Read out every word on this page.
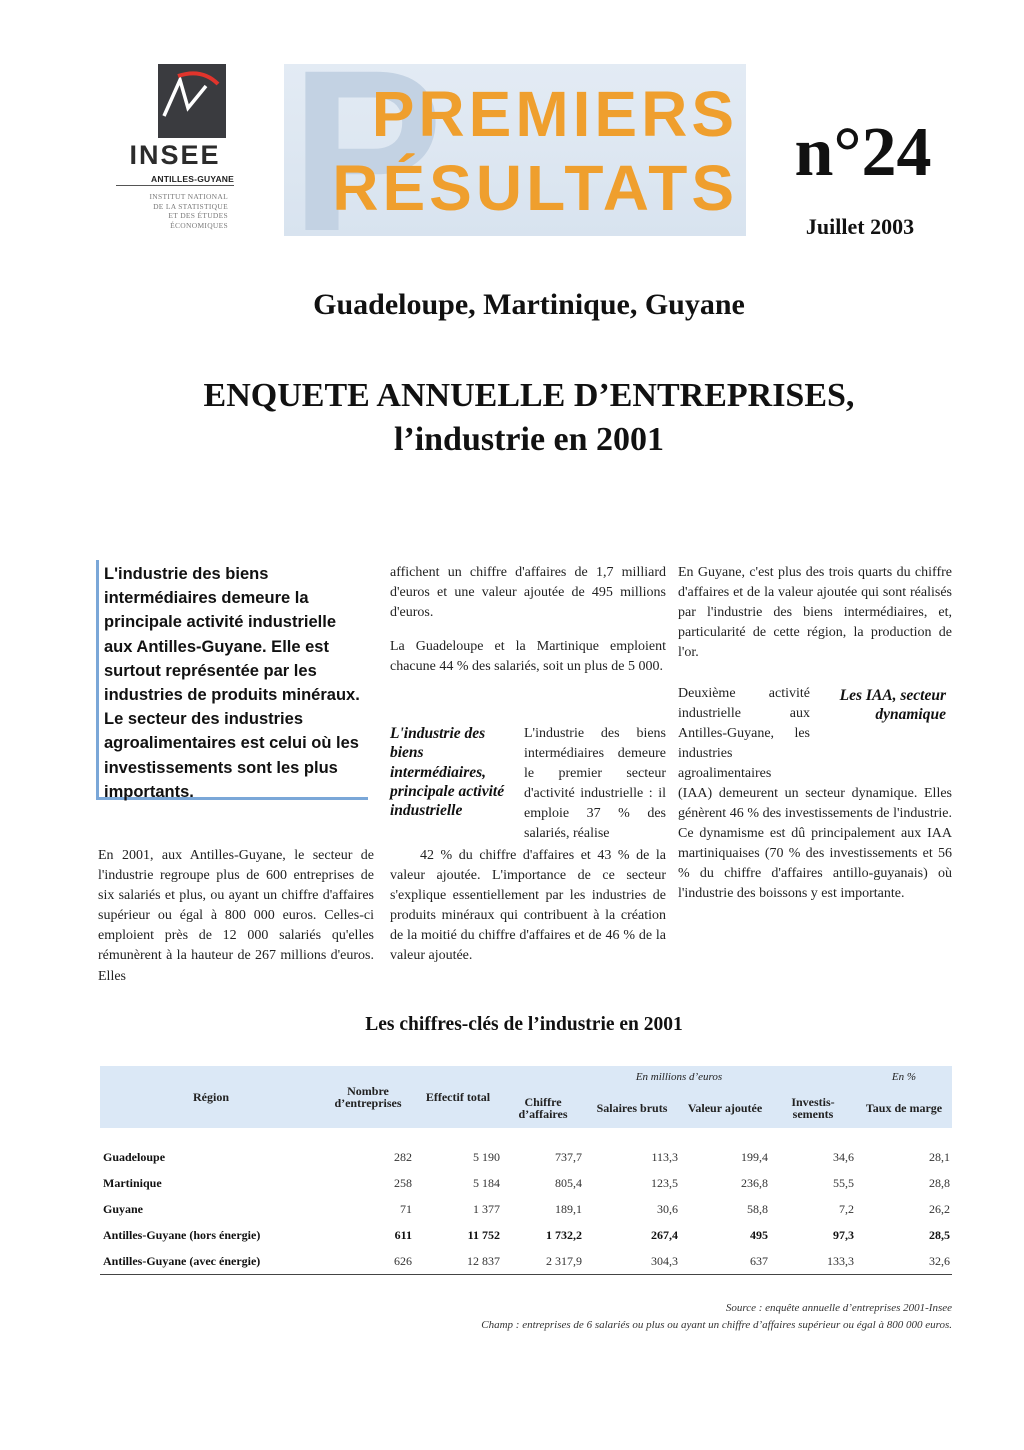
INSEE
ANTILLES-GUYANE
INSTITUT NATIONAL
DE LA STATISTIQUE
ET DES ÉTUDES
ÉCONOMIQUES P
PREMIERS
RÉSULTATS n°24
Juillet 2003
Guadeloupe, Martinique, Guyane
ENQUETE ANNUELLE D’ENTREPRISES,
l’industrie en 2001
L'industrie des biens intermédiaires demeure la principale activité industrielle aux Antilles-Guyane. Elle est surtout représentée par les industries de produits minéraux. Le secteur des industries agroalimentaires est celui où les investissements sont les plus importants.

En 2001, aux Antilles-Guyane, le secteur de l'industrie regroupe plus de 600 entreprises de six salariés et plus, ou ayant un chiffre d'affaires supérieur ou égal à 800 000 euros. Celles-ci emploient près de 12 000 salariés qu'elles rémunèrent à la hauteur de 267 millions d'euros. Elles

affichent un chiffre d'affaires de 1,7 milliard d'euros et une valeur ajoutée de 495 millions d'euros.

La Guadeloupe et la Martinique emploient chacune 44 % des salariés, soit un plus de 5 000.

L'industrie des biens intermédiaires, principale activité industrielle

L'industrie des biens intermédiaires demeure le premier secteur d'activité industrielle : il emploie 37 % des salariés, réalise

42 % du chiffre d'affaires et 43 % de la valeur ajoutée. L'importance de ce secteur s'explique essentiellement par les industries de produits minéraux qui contribuent à la création de la moitié du chiffre d'affaires et de 46 % de la valeur ajoutée.

En Guyane, c'est plus des trois quarts du chiffre d'affaires et de la valeur ajoutée qui sont réalisés par l'industrie des biens intermédiaires, et, particularité de cette région, la production de l'or.

Deuxième activité industrielle aux Antilles-Guyane, les industries agroalimentaires

Les IAA, secteur dynamique

(IAA) demeurent un secteur dynamique. Elles génèrent 46 % des investissements de l'industrie. Ce dynamisme est dû principalement aux IAA martiniquaises (70 % des investissements et 56 % du chiffre d'affaires antillo-guyanais) où l'industrie des boissons y est importante.

Les chiffres-clés de l’industrie en 2001
Région	Nombre d’entreprises	Effectif total	En millions d’euros				En %
			Chiffre d’affaires	Salaires bruts	Valeur ajoutée	Investis-sements	Taux de marge

Guadeloupe	282	5 190	737,7	113,3	199,4	34,6	28,1
Martinique	258	5 184	805,4	123,5	236,8	55,5	28,8
Guyane	71	1 377	189,1	30,6	58,8	7,2	26,2
Antilles-Guyane (hors énergie)	611	11 752	1 732,2	267,4	495	97,3	28,5
Antilles-Guyane (avec énergie)	626	12 837	2 317,9	304,3	637	133,3	32,6
Source : enquête annuelle d’entreprises 2001-Insee
Champ : entreprises de 6 salariés ou plus ou ayant un chiffre d’affaires supérieur ou égal à 800 000 euros.
